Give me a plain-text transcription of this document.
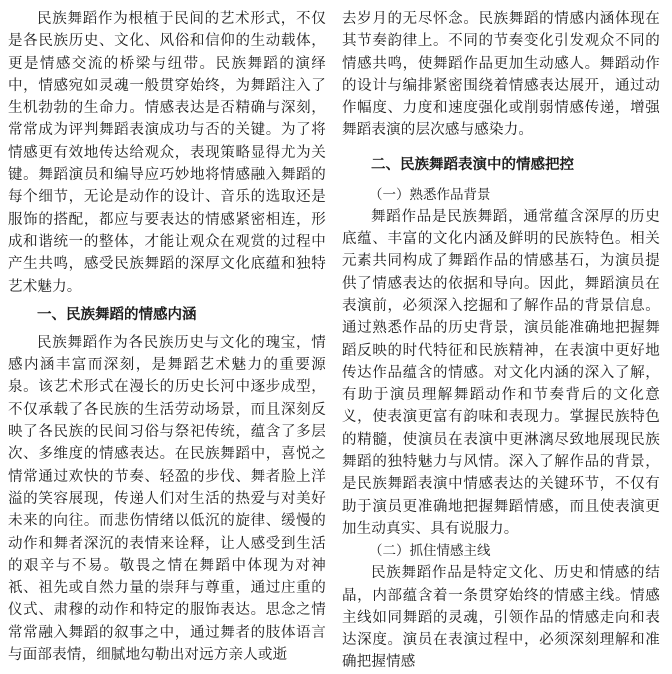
民族舞蹈作为根植于民间的艺术形式，不仅是各民族历史、文化、风俗和信仰的生动载体，更是情感交流的桥梁与纽带。民族舞蹈的演绎中，情感宛如灵魂一般贯穿始终，为舞蹈注入了生机勃勃的生命力。情感表达是否精确与深刻，常常成为评判舞蹈表演成功与否的关键。为了将情感更有效地传达给观众，表现策略显得尤为关键。舞蹈演员和编导应巧妙地将情感融入舞蹈的每个细节，无论是动作的设计、音乐的选取还是服饰的搭配，都应与要表达的情感紧密相连，形成和谐统一的整体，才能让观众在观赏的过程中产生共鸣，感受民族舞蹈的深厚文化底蕴和独特艺术魅力。

一、民族舞蹈的情感内涵

民族舞蹈作为各民族历史与文化的瑰宝，情感内涵丰富而深刻，是舞蹈艺术魅力的重要源泉。该艺术形式在漫长的历史长河中逐步成型，不仅承载了各民族的生活劳动场景，而且深刻反映了各民族的民间习俗与祭祀传统，蕴含了多层次、多维度的情感表达。在民族舞蹈中，喜悦之情常通过欢快的节奏、轻盈的步伐、舞者脸上洋溢的笑容展现，传递人们对生活的热爱与对美好未来的向往。而悲伤情绪以低沉的旋律、缓慢的动作和舞者深沉的表情来诠释，让人感受到生活的艰辛与不易。敬畏之情在舞蹈中体现为对神祇、祖先或自然力量的崇拜与尊重，通过庄重的仪式、肃穆的动作和特定的服饰表达。思念之情常常融入舞蹈的叙事之中，通过舞者的肢体语言与面部表情，细腻地勾勒出对远方亲人或逝

去岁月的无尽怀念。民族舞蹈的情感内涵体现在其节奏韵律上。不同的节奏变化引发观众不同的情感共鸣，使舞蹈作品更加生动感人。舞蹈动作的设计与编排紧密围绕着情感表达展开，通过动作幅度、力度和速度强化或削弱情感传递，增强舞蹈表演的层次感与感染力。

二、民族舞蹈表演中的情感把控
（一）熟悉作品背景

舞蹈作品是民族舞蹈，通常蕴含深厚的历史底蕴、丰富的文化内涵及鲜明的民族特色。相关元素共同构成了舞蹈作品的情感基石，为演员提供了情感表达的依据和导向。因此，舞蹈演员在表演前，必须深入挖掘和了解作品的背景信息。通过熟悉作品的历史背景，演员能准确地把握舞蹈反映的时代特征和民族精神，在表演中更好地传达作品蕴含的情感。对文化内涵的深入了解，有助于演员理解舞蹈动作和节奏背后的文化意义，使表演更富有韵味和表现力。掌握民族特色的精髓，使演员在表演中更淋漓尽致地展现民族舞蹈的独特魅力与风情。深入了解作品的背景，是民族舞蹈表演中情感表达的关键环节，不仅有助于演员更准确地把握舞蹈情感，而且使表演更加生动真实、具有说服力。

（二）抓住情感主线

民族舞蹈作品是特定文化、历史和情感的结晶，内部蕴含着一条贯穿始终的情感主线。情感主线如同舞蹈的灵魂，引领作品的情感走向和表达深度。演员在表演过程中，必须深刻理解和准确把握情感
